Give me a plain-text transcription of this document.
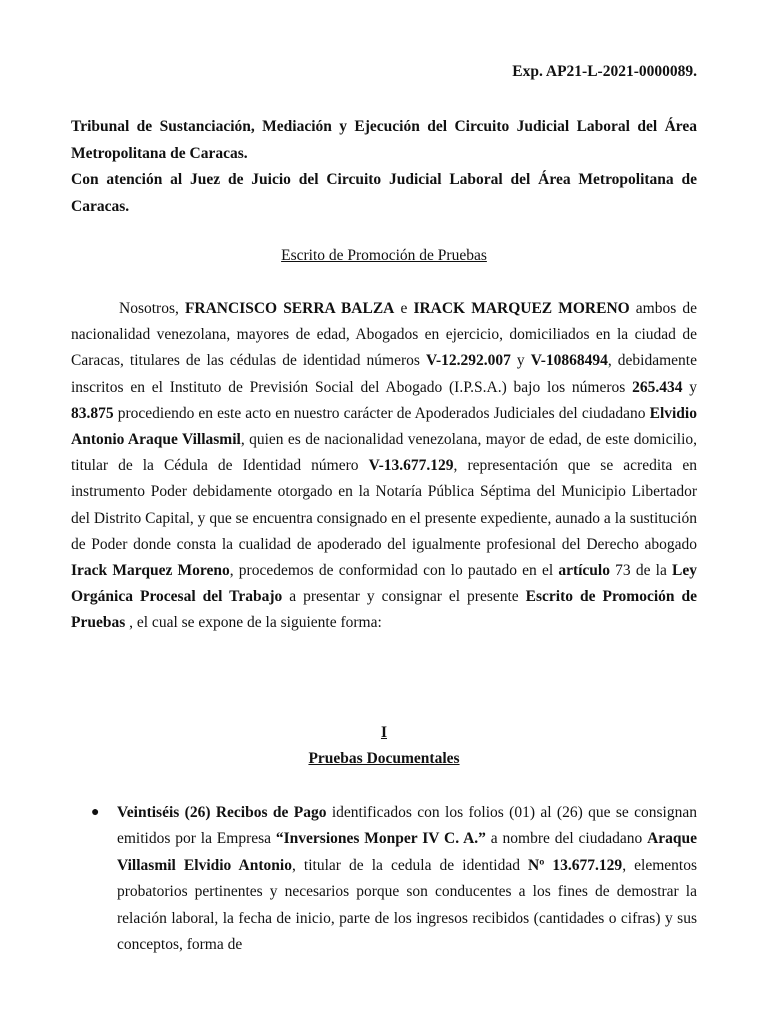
Exp. AP21-L-2021-0000089.

Tribunal de Sustanciación, Mediación y Ejecución del Circuito Judicial Laboral del Área Metropolitana de Caracas.

Con atención al Juez de Juicio del Circuito Judicial Laboral del Área Metropolitana de Caracas.

Escrito de Promoción de Pruebas
Nosotros, FRANCISCO SERRA BALZA e IRACK MARQUEZ MORENO ambos de nacionalidad venezolana, mayores de edad, Abogados en ejercicio, domiciliados en la ciudad de Caracas, titulares de las cédulas de identidad números V-12.292.007 y V-10868494, debidamente inscritos en el Instituto de Previsión Social del Abogado (I.P.S.A.) bajo los números 265.434 y 83.875 procediendo en este acto en nuestro carácter de Apoderados Judiciales del ciudadano Elvidio Antonio Araque Villasmil, quien es de nacionalidad venezolana, mayor de edad, de este domicilio, titular de la Cédula de Identidad número V-13.677.129, representación que se acredita en instrumento Poder debidamente otorgado en la Notaría Pública Séptima del Municipio Libertador del Distrito Capital, y que se encuentra consignado en el presente expediente, aunado a la sustitución de Poder donde consta la cualidad de apoderado del igualmente profesional del Derecho abogado Irack Marquez Moreno, procedemos de conformidad con lo pautado en el artículo 73 de la Ley Orgánica Procesal del Trabajo a presentar y consignar el presente Escrito de Promoción de Pruebas , el cual se expone de la siguiente forma:
I
Pruebas Documentales
● Veintiséis (26) Recibos de Pago identificados con los folios (01) al (26) que se consignan emitidos por la Empresa “Inversiones Monper IV C. A.” a nombre del ciudadano Araque Villasmil Elvidio Antonio, titular de la cedula de identidad Nº 13.677.129, elementos probatorios pertinentes y necesarios porque son conducentes a los fines de demostrar la relación laboral, la fecha de inicio, parte de los ingresos recibidos (cantidades o cifras) y sus conceptos, forma de
